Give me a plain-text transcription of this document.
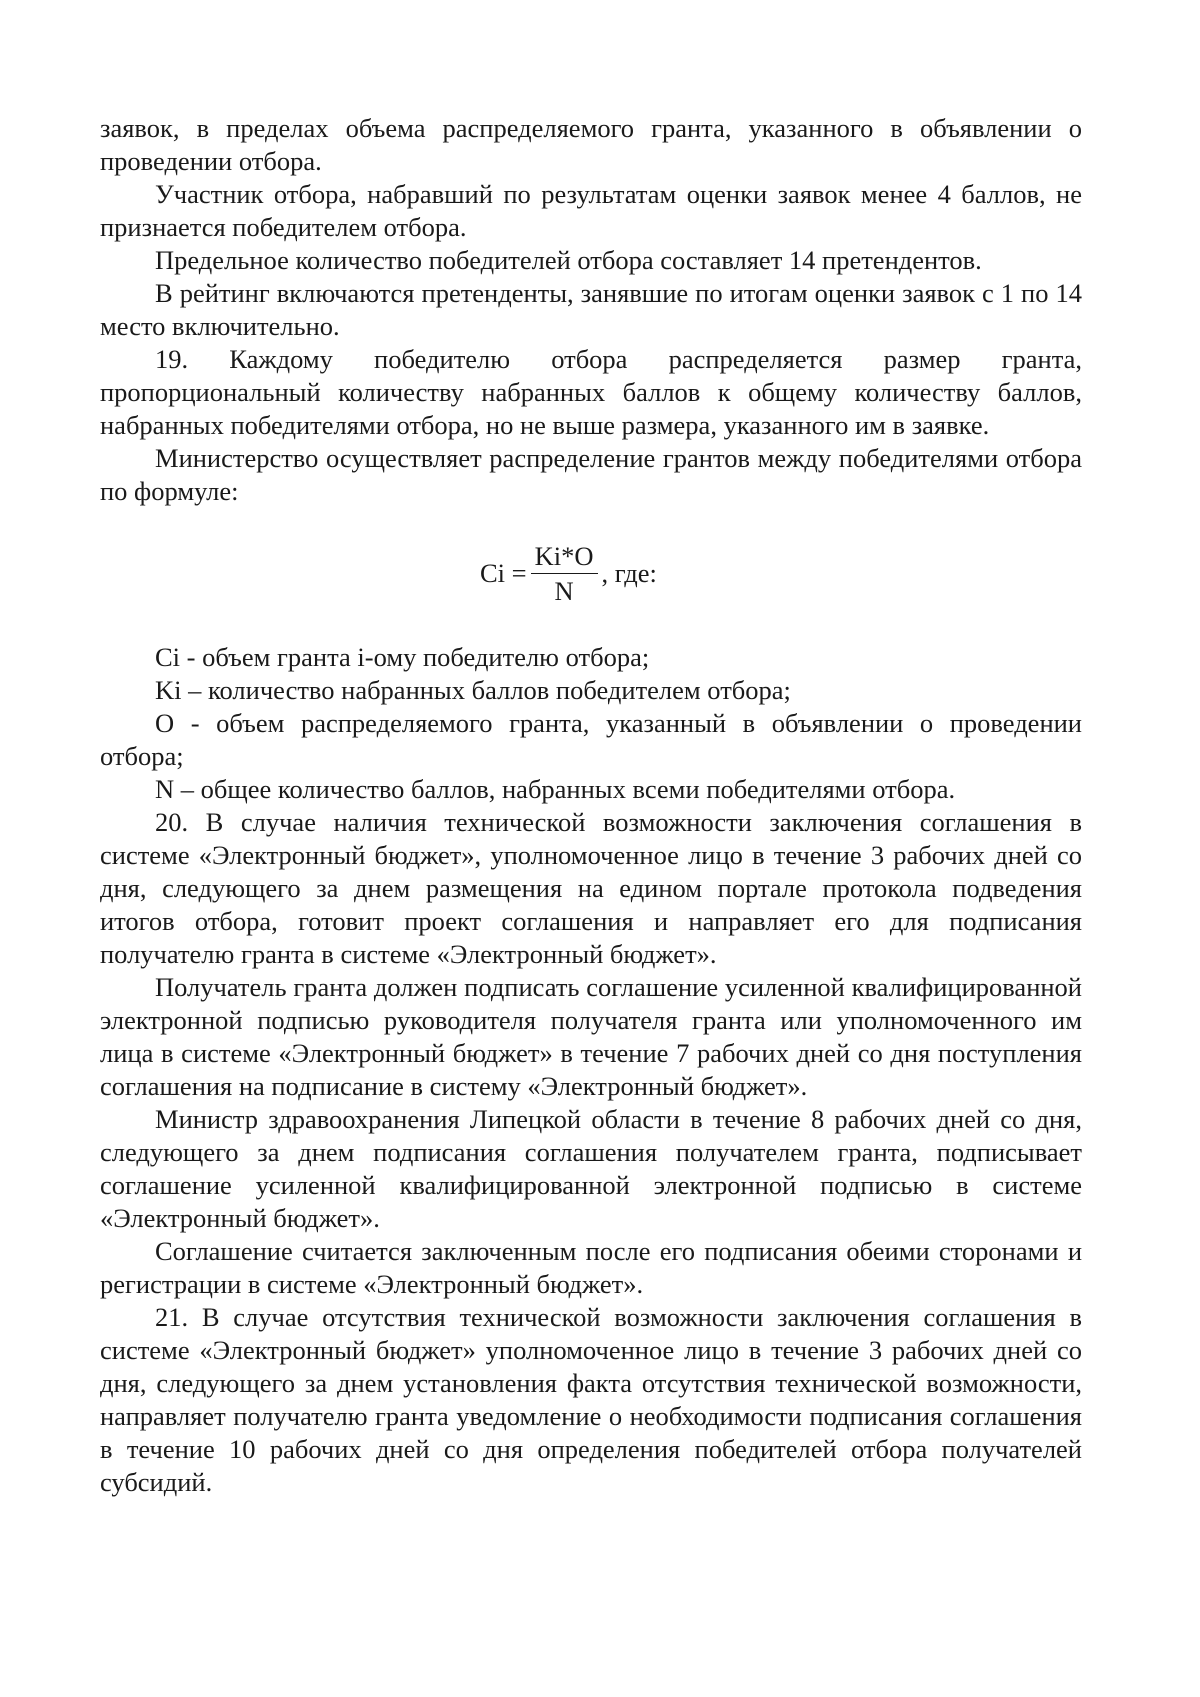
заявок, в пределах объема распределяемого гранта, указанного в объявлении о проведении отбора.

Участник отбора, набравший по результатам оценки заявок менее 4 баллов, не признается победителем отбора.

Предельное количество победителей отбора составляет 14 претендентов.

В рейтинг включаются претенденты, занявшие по итогам оценки заявок с 1 по 14 место включительно.

19. Каждому победителю отбора распределяется размер гранта, пропорциональный количеству набранных баллов к общему количеству баллов, набранных победителями отбора, но не выше размера, указанного им в заявке.

Министерство осуществляет распределение грантов между победителями отбора по формуле:

$Ci = \frac{Ki*O}{N}$ , где:

Ci - объем гранта i-ому победителю отбора;

Ki – количество набранных баллов победителем отбора;

O - объем распределяемого гранта, указанный в объявлении о проведении отбора;

N – общее количество баллов, набранных всеми победителями отбора.

20. В случае наличия технической возможности заключения соглашения в системе «Электронный бюджет», уполномоченное лицо в течение 3 рабочих дней со дня, следующего за днем размещения на едином портале протокола подведения итогов отбора, готовит проект соглашения и направляет его для подписания получателю гранта в системе «Электронный бюджет».

Получатель гранта должен подписать соглашение усиленной квалифицированной электронной подписью руководителя получателя гранта или уполномоченного им лица в системе «Электронный бюджет» в течение 7 рабочих дней со дня поступления соглашения на подписание в систему «Электронный бюджет».

Министр здравоохранения Липецкой области в течение 8 рабочих дней со дня, следующего за днем подписания соглашения получателем гранта, подписывает соглашение усиленной квалифицированной электронной подписью в системе «Электронный бюджет».

Соглашение считается заключенным после его подписания обеими сторонами и регистрации в системе «Электронный бюджет».

21. В случае отсутствия технической возможности заключения соглашения в системе «Электронный бюджет» уполномоченное лицо в течение 3 рабочих дней со дня, следующего за днем установления факта отсутствия технической возможности, направляет получателю гранта уведомление о необходимости подписания соглашения в течение 10 рабочих дней со дня определения победителей отбора получателей субсидий.
